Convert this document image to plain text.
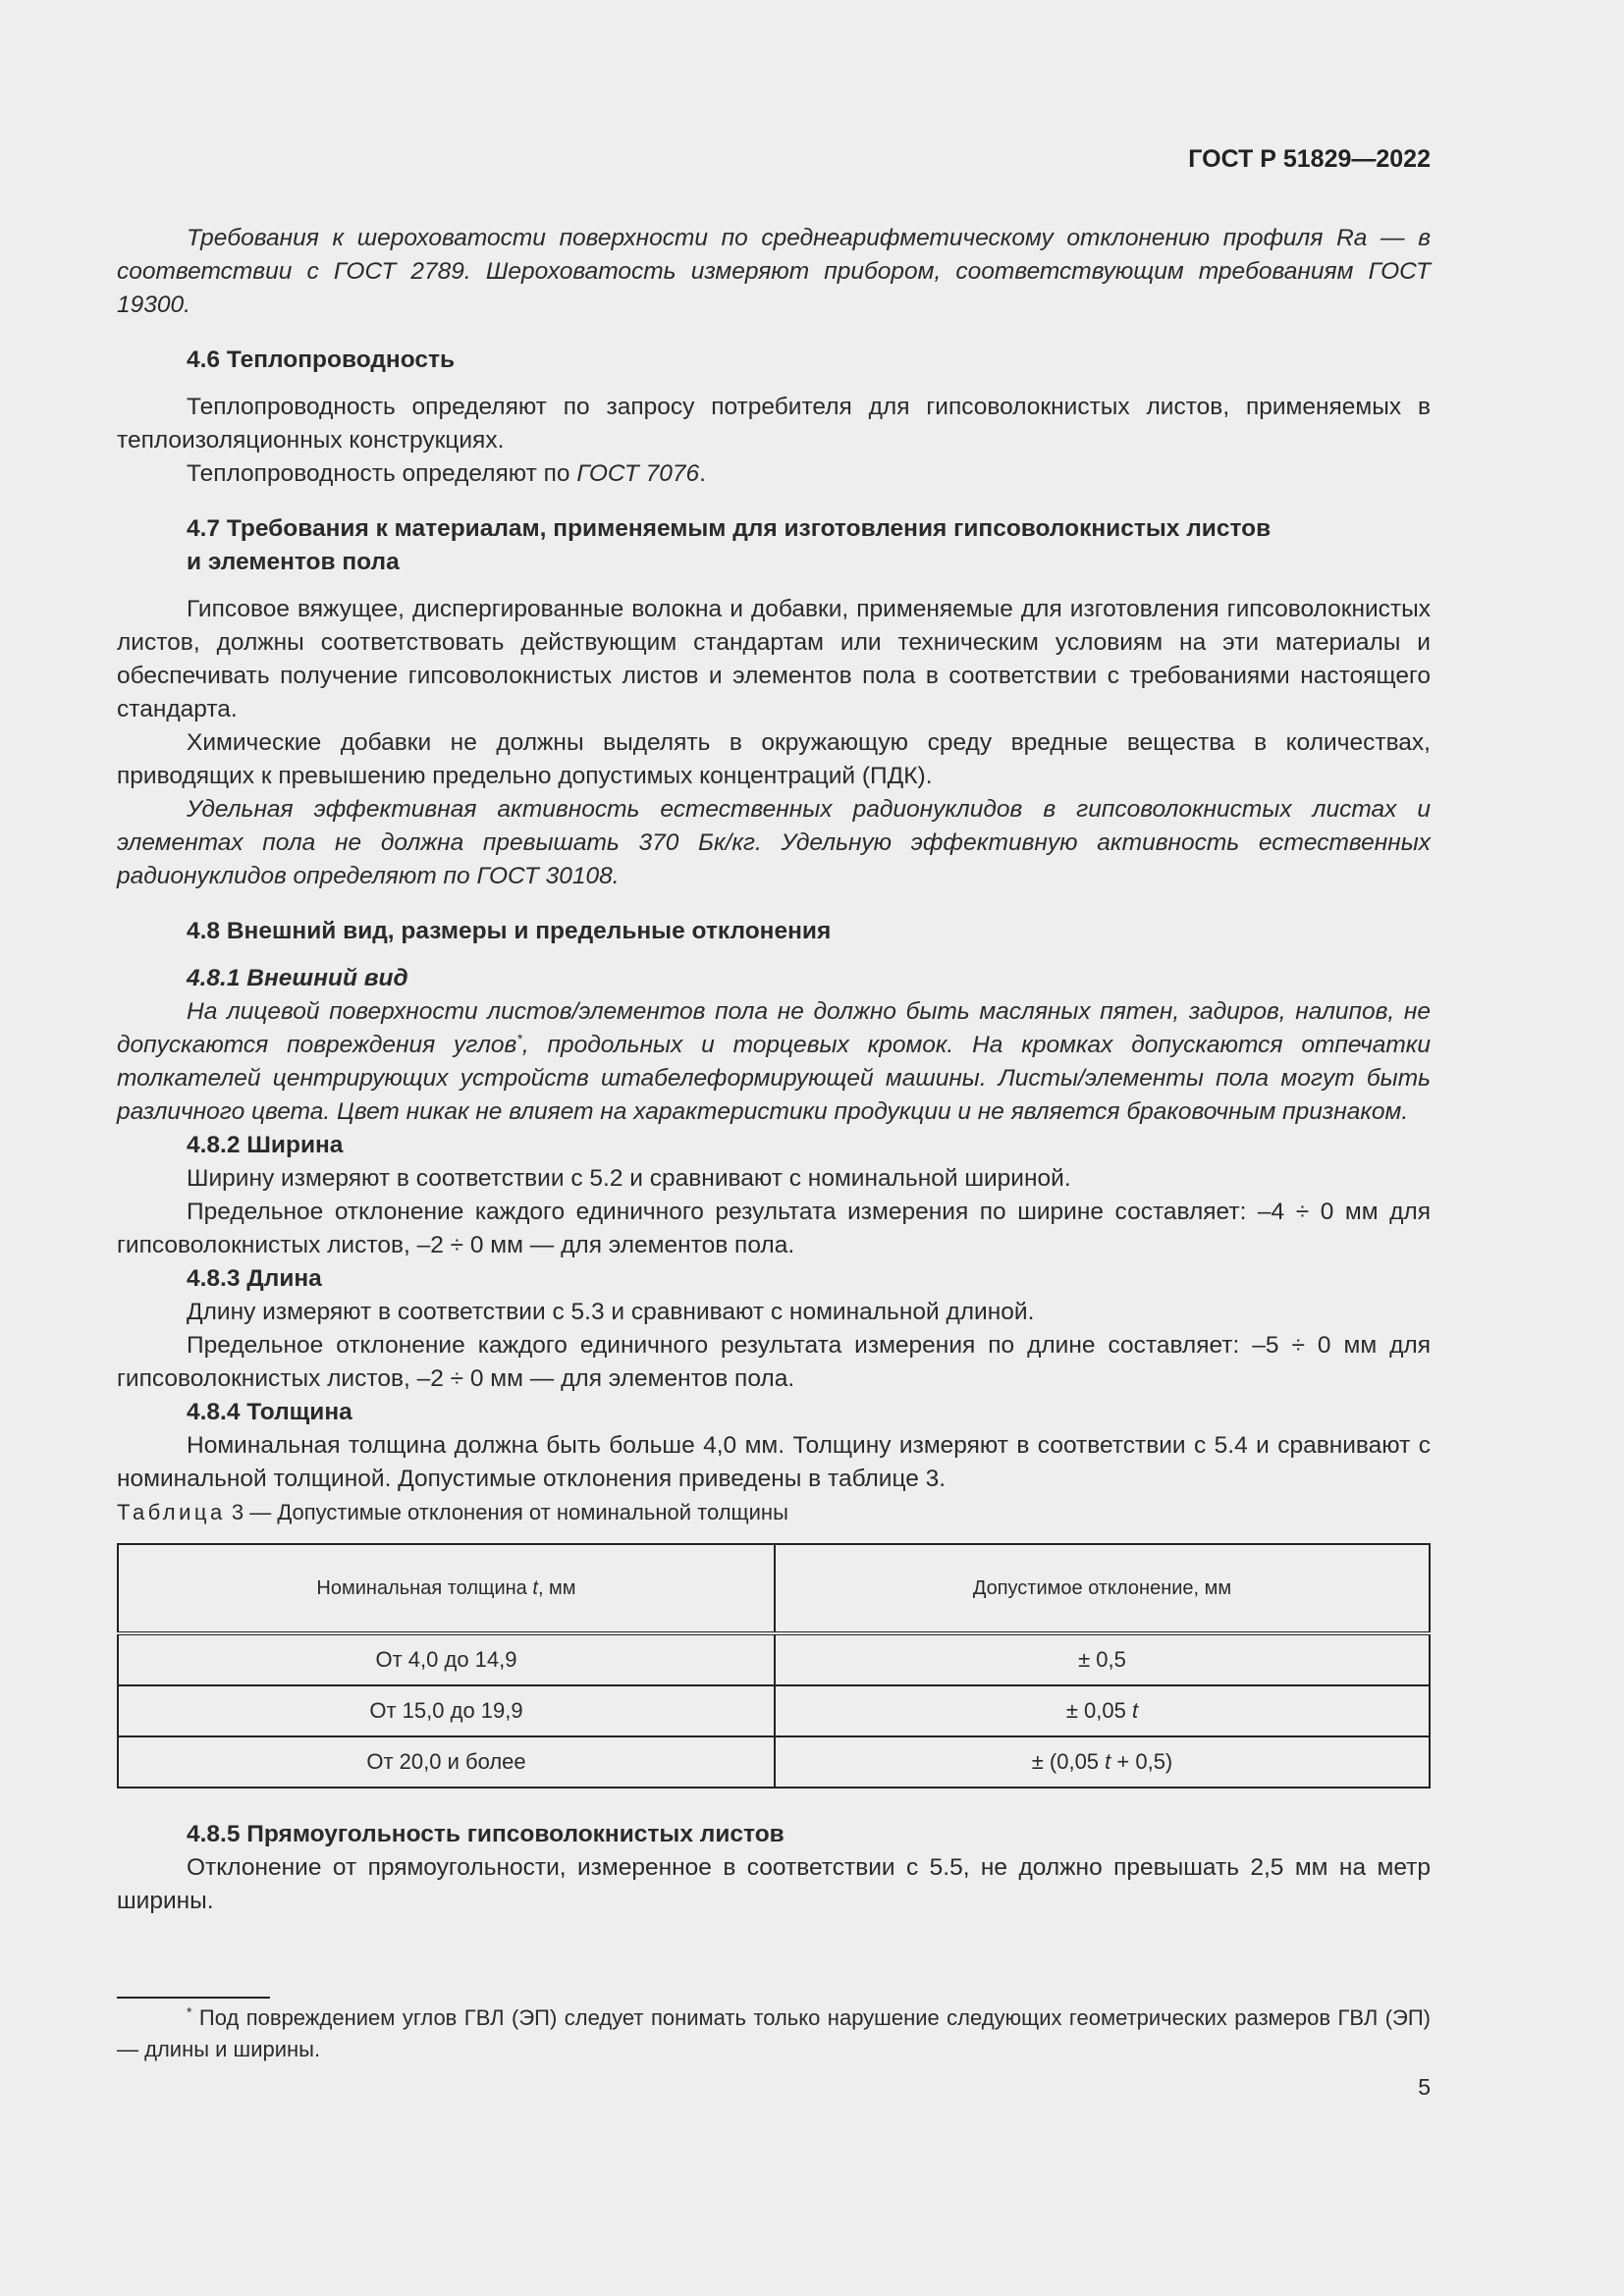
ГОСТ Р 51829—2022

Требования к шероховатости поверхности по среднеарифметическому отклонению профиля Ra — в соответствии с ГОСТ 2789. Шероховатость измеряют прибором, соответствующим требованиям ГОСТ 19300.

4.6 Теплопроводность

Теплопроводность определяют по запросу потребителя для гипсоволокнистых листов, применяемых в теплоизоляционных конструкциях.

Теплопроводность определяют по ГОСТ 7076.

4.7 Требования к материалам, применяемым для изготовления гипсоволокнистых листов
и элементов пола

Гипсовое вяжущее, диспергированные волокна и добавки, применяемые для изготовления гипсоволокнистых листов, должны соответствовать действующим стандартам или техническим условиям на эти материалы и обеспечивать получение гипсоволокнистых листов и элементов пола в соответствии с требованиями настоящего стандарта.

Химические добавки не должны выделять в окружающую среду вредные вещества в количествах, приводящих к превышению предельно допустимых концентраций (ПДК).

Удельная эффективная активность естественных радионуклидов в гипсоволокнистых листах и элементах пола не должна превышать 370 Бк/кг. Удельную эффективную активность естественных радионуклидов определяют по ГОСТ 30108.

4.8 Внешний вид, размеры и предельные отклонения
4.8.1 Внешний вид

На лицевой поверхности листов/элементов пола не должно быть масляных пятен, задиров, налипов, не допускаются повреждения углов*, продольных и торцевых кромок. На кромках допускаются отпечатки толкателей центрирующих устройств штабелеформирующей машины. Листы/элементы пола могут быть различного цвета. Цвет никак не влияет на характеристики продукции и не является браковочным признаком.

4.8.2 Ширина

Ширину измеряют в соответствии с 5.2 и сравнивают с номинальной шириной.

Предельное отклонение каждого единичного результата измерения по ширине составляет: –4 ÷ 0 мм для гипсоволокнистых листов, –2 ÷ 0 мм — для элементов пола.

4.8.3 Длина

Длину измеряют в соответствии с 5.3 и сравнивают с номинальной длиной.

Предельное отклонение каждого единичного результата измерения по длине составляет: –5 ÷ 0 мм для гипсоволокнистых листов, –2 ÷ 0 мм — для элементов пола.

4.8.4 Толщина

Номинальная толщина должна быть больше 4,0 мм. Толщину измеряют в соответствии с 5.4 и сравнивают с номинальной толщиной. Допустимые отклонения приведены в таблице 3.

Таблица 3 — Допустимые отклонения от номинальной толщины

Номинальная толщина t, мм	Допустимое отклонение, мм
От 4,0 до 14,9	± 0,5
От 15,0 до 19,9	± 0,05 t
От 20,0 и более	± (0,05 t + 0,5)
4.8.5 Прямоугольность гипсоволокнистых листов

Отклонение от прямоугольности, измеренное в соответствии с 5.5, не должно превышать 2,5 мм на метр ширины.

* Под повреждением углов ГВЛ (ЭП) следует понимать только нарушение следующих геометрических размеров ГВЛ (ЭП) — длины и ширины.
5
